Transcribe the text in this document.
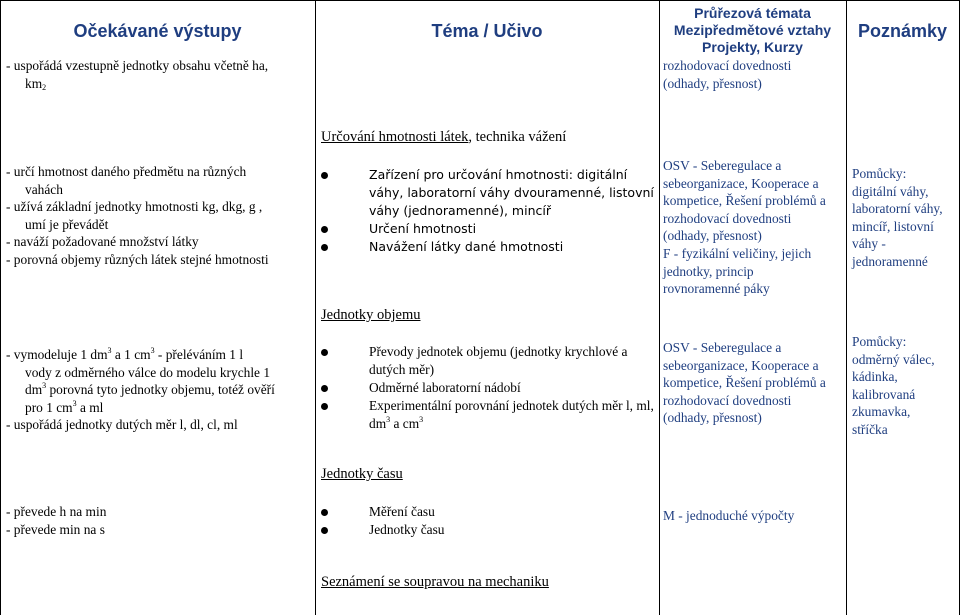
Očekávané výstupy	Téma / Učivo
Průřezová témata
Mezipředmětové vztahy
Projekty, Kurzy
Poznámky
- uspořádá vzestupně jednotky obsahu včetně ha,
$km_2$
rozhodovací dovednosti
(odhady, přesnost)
Určování hmotnosti látek, technika vážení
- určí hmotnost daného předmětu na různých
vahách
- užívá základní jednotky hmotnosti kg, dkg, g ,
umí je převádět
- naváží požadované množství látky
- porovná objemy různých látek stejné hmotnosti
Zařízení pro určování hmotnosti: digitální váhy, laboratorní váhy dvouramenné, listovní váhy (jednoramenné), mincíř
Určení hmotnosti
Navážení látky dané hmotnosti
OSV - Seberegulace a
sebeorganizace, Kooperace a
kompetice, Řešení problémů a
rozhodovací dovednosti
(odhady, přesnost)
F - fyzikální veličiny, jejich
jednotky, princip
rovnoramenné páky
Pomůcky:
digitální váhy,
laboratorní váhy,
mincíř, listovní
váhy -
jednoramenné
Jednotky objemu
- vymodeluje 1 $dm^3$ a 1 $cm^3$ - přeléváním 1 l
vody z odměrného válce do modelu krychle 1
$dm^3$ porovná tyto jednotky objemu, totéž ověří
pro 1 $cm^3$ a ml
- uspořádá jednotky dutých měr l, dl, cl, ml
Převody jednotek objemu (jednotky krychlové a dutých měr)
Odměrné laboratorní nádobí
Experimentální porovnání jednotek dutých měr l, ml, $dm^3$ a $cm^3$
OSV - Seberegulace a
sebeorganizace, Kooperace a
kompetice, Řešení problémů a
rozhodovací dovednosti
(odhady, přesnost)
Pomůcky:
odměrný válec,
kádinka,
kalibrovaná
zkumavka,
stříčka
Jednotky času
- převede h na min
- převede min na s
Měření času
Jednotky času
M - jednoduché výpočty
Seznámení se soupravou na mechaniku
